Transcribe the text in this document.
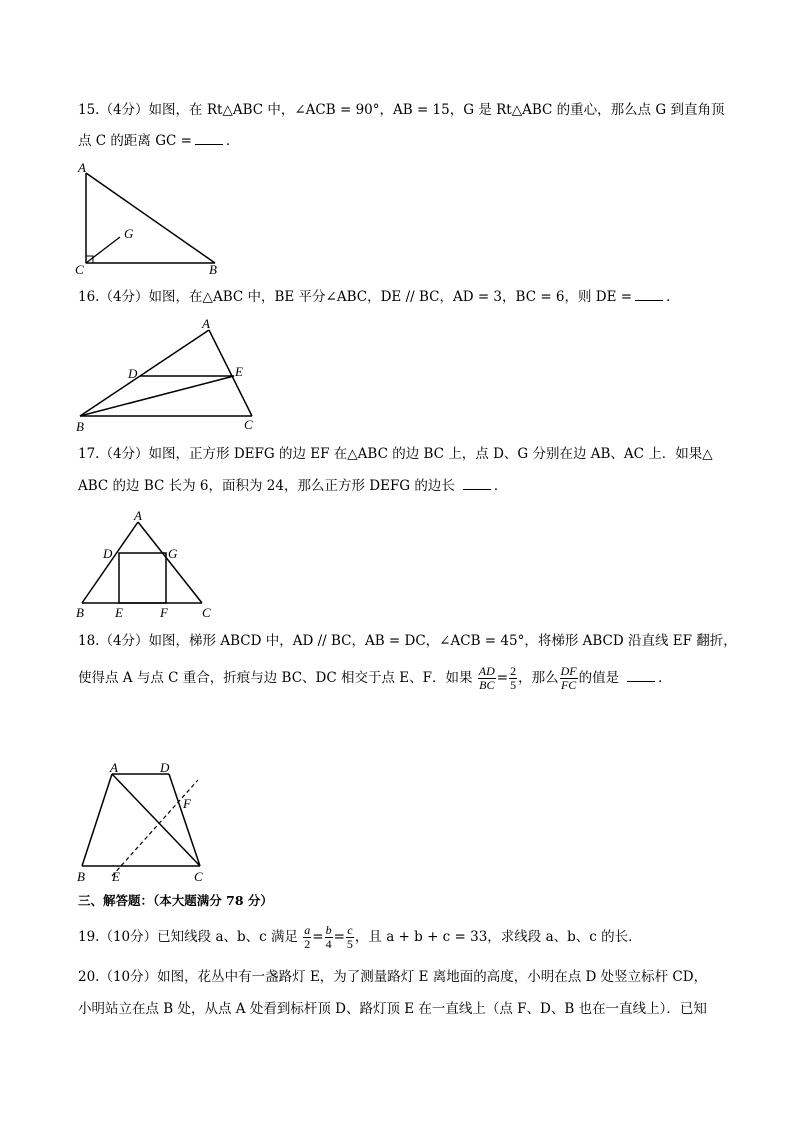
15.（4分）如图，在 Rt△ABC 中，∠ACB = 90°，AB = 15，G 是 Rt△ABC 的重心，那么点 G 到直角顶
点 C 的距离 GC =	．
A
C	B
G
16.（4分）如图，在△ABC 中，BE 平分∠ABC，DE // BC，AD = 3，BC = 6，则 DE =	．
A
D	E
B	C
17.（4分）如图，正方形 DEFG 的边 EF 在△ABC 的边 BC 上，点 D、G 分别在边 AB、AC 上．如果△
ABC 的边 BC 长为 6，面积为 24，那么正方形 DEFG 的边长	．
A
D	G
B E	F	C
18.（4分）如图，梯形 ABCD 中，AD // BC，AB = DC，∠ACB = 45°，将梯形 ABCD 沿直线 EF 翻折，
使得点 A 与点 C 重合，折痕与边 BC、DC 相交于点 E、F．如果 $\frac{AD}{BC} = \frac{2}{5}$ ，那么 $\frac{DF}{FC}$ 的值是	．
A	D
F
B E	C
三、解答题：（本大题满分 78 分）
19.（10分）已知线段 a、b、c 满足 $\frac{a}{2} = \frac{b}{4} = \frac{c}{5}$ ，且 a + b + c = 33，求线段 a、b、c 的长．
20.（10分）如图，花丛中有一盏路灯 E，为了测量路灯 E 离地面的高度，小明在点 D 处竖立标杆 CD，
小明站立在点 B 处，从点 A 处看到标杆顶 D、路灯顶 E 在一直线上（点 F、D、B 也在一直线上）．已知
